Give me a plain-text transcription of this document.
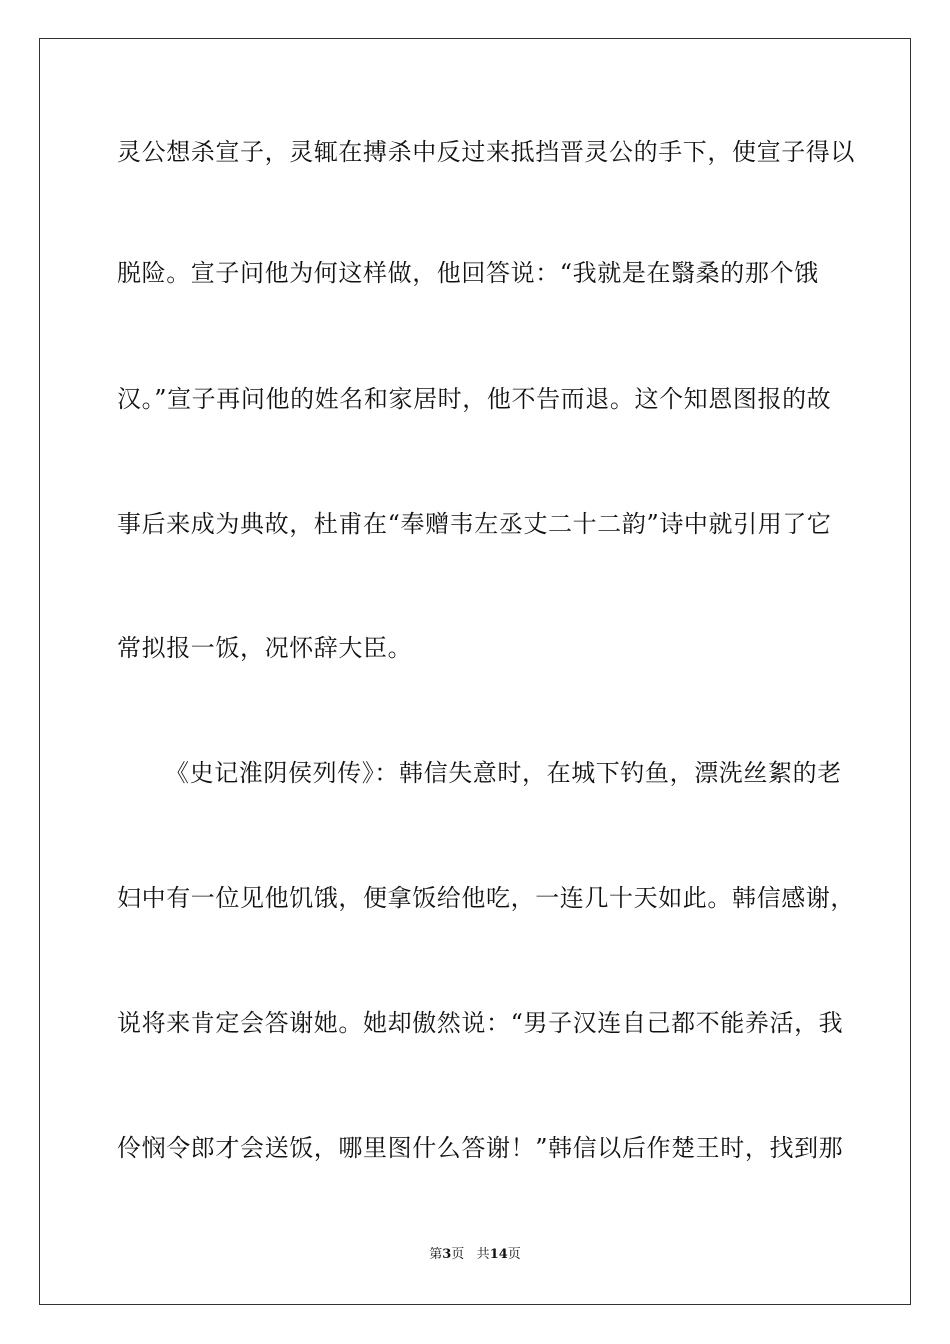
灵公想杀宣子，灵辄在搏杀中反过来抵挡晋灵公的手下，使宣子得以
脱险。宣子问他为何这样做，他回答说：“我就是在翳桑的那个饿
汉。”宣子再问他的姓名和家居时，他不告而退。这个知恩图报的故
事后来成为典故，杜甫在“奉赠韦左丞丈二十二韵”诗中就引用了它
常拟报一饭，况怀辞大臣。
《史记淮阴侯列传》：韩信失意时，在城下钓鱼，漂洗丝絮的老
妇中有一位见他饥饿，便拿饭给他吃，一连几十天如此。韩信感谢，
说将来肯定会答谢她。她却傲然说：“男子汉连自己都不能养活，我
伶悯令郎才会送饭，哪里图什么答谢！”韩信以后作楚王时，找到那
第3页 共14页
